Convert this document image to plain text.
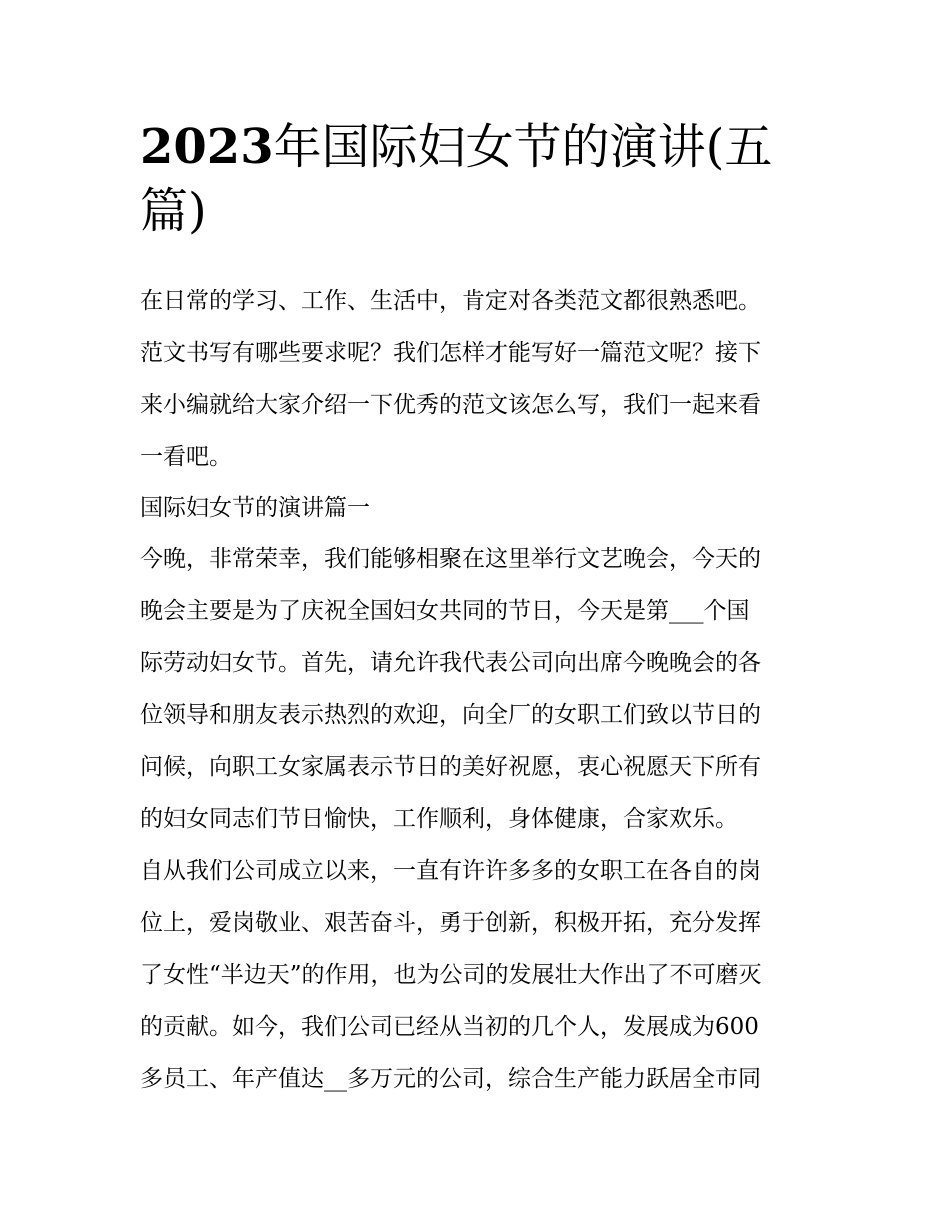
2023年国际妇女节的演讲(五
篇)
在日常的学习、工作、生活中，肯定对各类范文都很熟悉吧。
范文书写有哪些要求呢？我们怎样才能写好一篇范文呢？接下
来小编就给大家介绍一下优秀的范文该怎么写，我们一起来看
一看吧。
国际妇女节的演讲篇一
今晚，非常荣幸，我们能够相聚在这里举行文艺晚会，今天的
晚会主要是为了庆祝全国妇女共同的节日，今天是第___个国
际劳动妇女节。首先，请允许我代表公司向出席今晚晚会的各
位领导和朋友表示热烈的欢迎，向全厂的女职工们致以节日的
问候，向职工女家属表示节日的美好祝愿，衷心祝愿天下所有
的妇女同志们节日愉快，工作顺利，身体健康，合家欢乐。
自从我们公司成立以来，一直有许许多多的女职工在各自的岗
位上，爱岗敬业、艰苦奋斗，勇于创新，积极开拓，充分发挥
了女性“半边天”的作用，也为公司的发展壮大作出了不可磨灭
的贡献。如今，我们公司已经从当初的几个人，发展成为600
多员工、年产值达__多万元的公司，综合生产能力跃居全市同
